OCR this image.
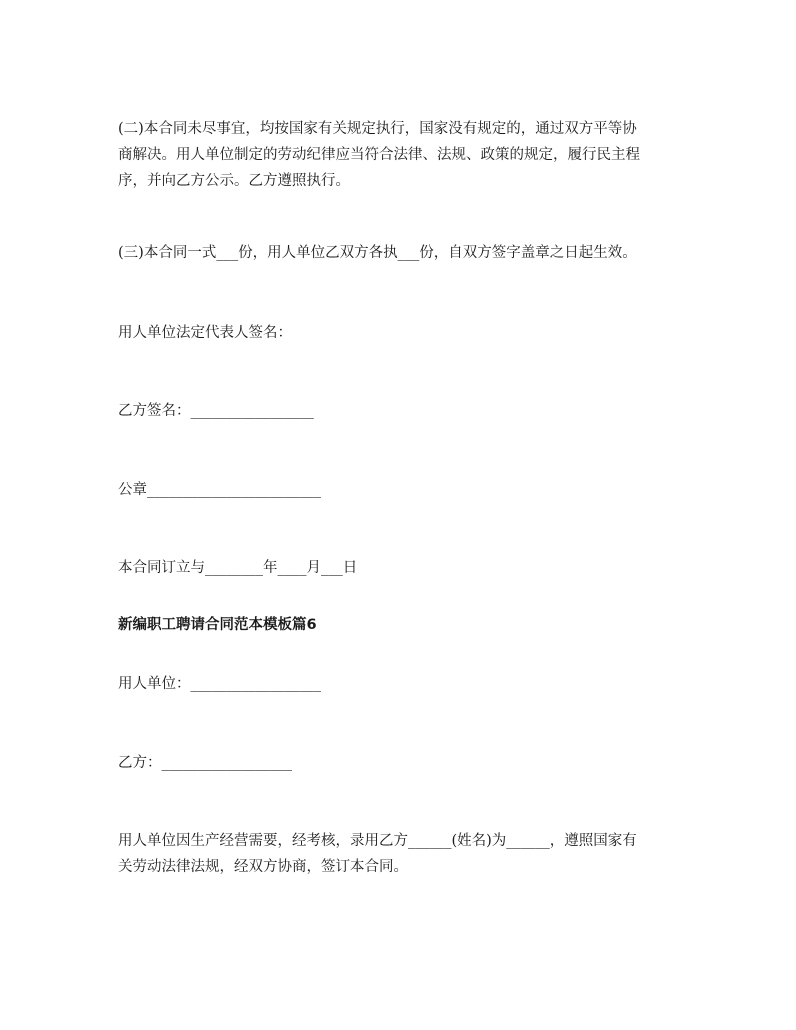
(二)本合同未尽事宜，均按国家有关规定执行，国家没有规定的，通过双方平等协

商解决。用人单位制定的劳动纪律应当符合法律、法规、政策的规定，履行民主程

序，并向乙方公示。乙方遵照执行。

(三)本合同一式___份，用人单位乙双方各执___份，自双方签字盖章之日起生效。

用人单位法定代表人签名：

乙方签名：_________________

公章________________________

本合同订立与________年____月___日

新编职工聘请合同范本模板篇6

用人单位：__________________

乙方：__________________

用人单位因生产经营需要，经考核，录用乙方______(姓名)为______，遵照国家有

关劳动法律法规，经双方协商，签订本合同。
